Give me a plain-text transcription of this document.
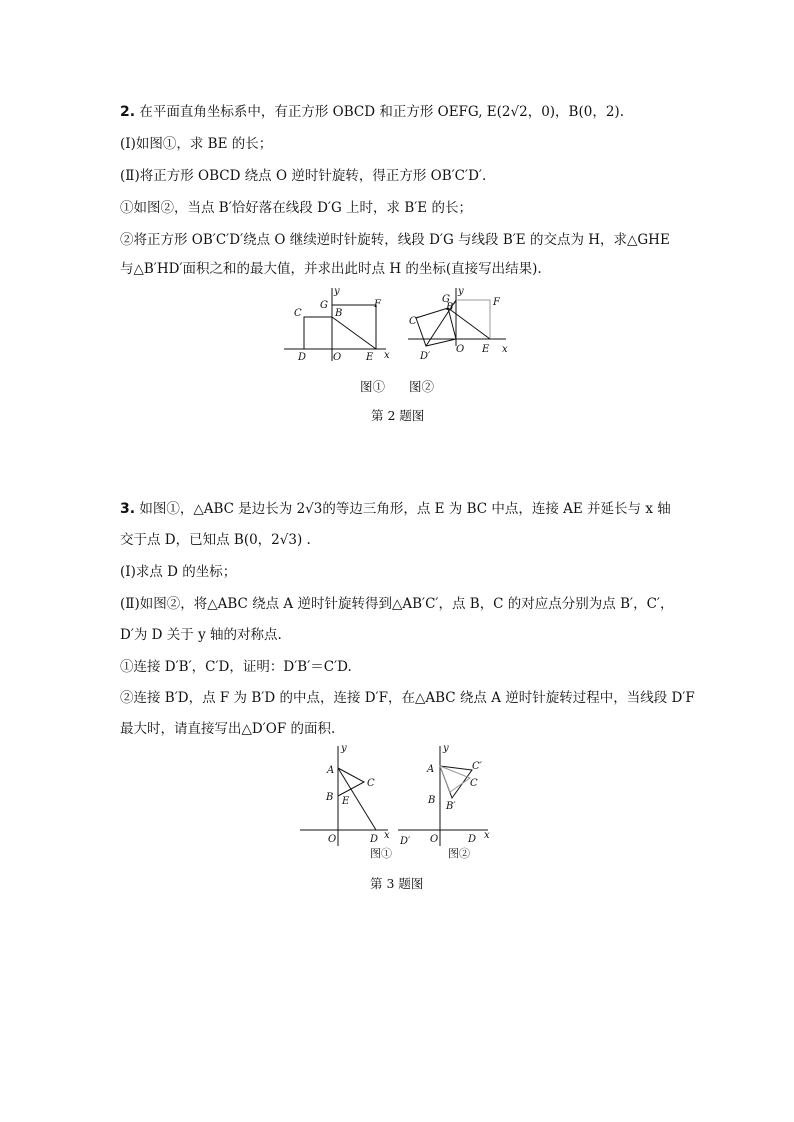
2. 在平面直角坐标系中，有正方形 OBCD 和正方形 OEFG, E(2√2，0)，B(0，2).
(Ⅰ)如图①，求 BE 的长；
(Ⅱ)将正方形 OBCD 绕点 O 逆时针旋转，得正方形 OB′C′D′.
①如图②，当点 B′恰好落在线段 D′G 上时，求 B′E 的长；
②将正方形 OB′C′D′绕点 O 继续逆时针旋转，线段 D′G 与线段 B′E 的交点为 H，求△GHE
与△B′HD′面积之和的最大值，并求出此时点 H 的坐标(直接写出结果).
y
x
C
G
B
F
D	O E
y
x
G
B′	F
C′
D′
O E
图① 图②
第 2 题图
3. 如图①，△ABC 是边长为 2√3的等边三角形，点 E 为 BC 中点，连接 AE 并延长与 x 轴
交于点 D，已知点 B(0，2√3) .
(Ⅰ)求点 D 的坐标；
(Ⅱ)如图②，将△ABC 绕点 A 逆时针旋转得到△AB′C′，点 B，C 的对应点分别为点 B′，C′，
D′为 D 关于 y 轴的对称点.
①连接 D′B′，C′D，证明：D′B′＝C′D.
②连接 B′D，点 F 为 B′D 的中点，连接 D′F，在△ABC 绕点 A 逆时针旋转过程中，当线段 D′F
最大时，请直接写出△D′OF 的面积.
y
x
A
C
B E
O	D
图①
y
x
A	C′
C
B
B′
D′ O	D
图②
第 3 题图
